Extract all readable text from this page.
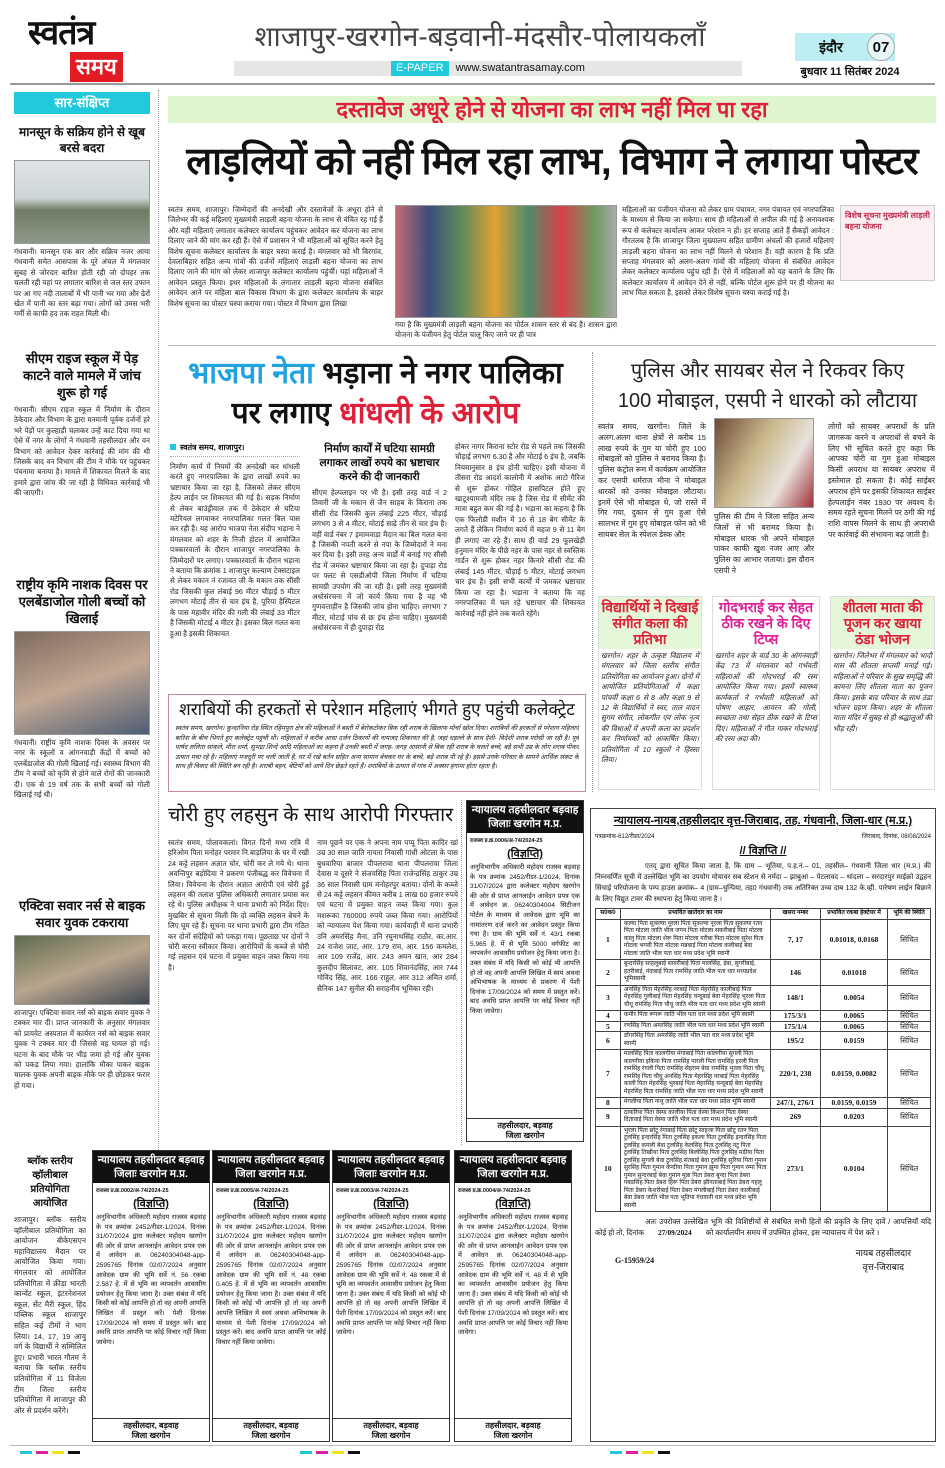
स्वतंत्र
समय
शाजापुर-खरगोन-बड़वानी-मंदसौर-पोलायकलाँ
E-PAPER www.swatantrasamay.com
इंदौर	07
बुधवार 11 सितंबर 2024
सार-संक्षिप्त
मानसून के सक्रिय होने से खूब बरसे बदरा
गंधवानी। मानसून एक बार और सक्रिय नजर आया गंधवानी समेत आसपास के पूरे अंचल में मंगलवार सुबह से जोरदार बारिश होती रही जो दोपहर तक चलती रही यहां पर लगातार बारिश से जल स्तर उफान पर आ गए नदी तालाबों में भी पानी भर गया और ढेरों खेत में पानी का स्तर बढ़ा गया। लोगों को उमस भरी गर्मी से काफी हद तक राहत मिली थी।
सीएम राइज स्कूल में पेड़ काटने वाले मामले में जांच शुरू हो गई
गंधवानी। सीएम राइज स्कूल में निर्माण के दौरान ठेकेदार और विभाग के द्वारा मनमानी पूर्वक दर्जनों हरे भरे पेड़ों पर कुल्हाड़ी चलाकर उन्हें काट दिया गया था ऐसे में नगर के लोगों ने गंधवानी तहसीलदार और वन विभाग को आवेदन देकर कार्रवाई की मांग की थी जिसके बाद वन विभाग की टीम ने मौके पर पहुंचकर पंचनामा बनाया है। मामले में शिकायत मिलने के बाद हमारे द्वारा जांच की जा रही है विधिवत कार्रवाई भी की जाएगी।
राष्ट्रीय कृमि नाशक दिवस पर एलबेंडाजोल गोली बच्चों को खिलाई
गंधवानी। राष्ट्रीय कृमि नाशक दिवस के अवसर पर नगर के स्कूलों व आंगनवाड़ी केंद्रों में बच्चों को एलबेंडाजोल की गोली खिलाई गई। स्वास्थ्य विभाग की टीम ने बच्चों को कृमि से होने वाले रोगों की जानकारी दी। एक से 19 वर्ष तक के सभी बच्चों को गोली खिलाई गई थी।
एक्टिवा सवार नर्स से बाइक सवार युवक टकराया
शाजापुर। एक्टिवा सवार नर्स को बाइक सवार युवक ने टक्कर मार दी। प्राप्त जानकारी के अनुसार मंगलवार को प्रायवेट अस्पताल में कार्यरत नर्स को बाइक सवार युवक ने टक्कर मार दी जिससे वह घायल हो गई। घटना के बाद मौके पर भीड़ जमा हो गई और युवक को पकड़ लिया गया। हालांकि मौका पाकर बाइक चालक युवक अपनी बाइक मौके पर ही छोड़कर फरार हो गया।
दस्तावेज अधूरे होने से योजना का लाभ नहीं मिल पा रहा
लाड़लियों को नहीं मिल रहा लाभ, विभाग ने लगाया पोस्टर
स्वतंत्र समय, शाजापुर। जिम्मेदारों की अनदेखी और दस्तावेजों के अधूरा होने से जिलेभर की कई महिलाएं मुख्यमंत्री लाड़ली बहना योजना के लाभ से वंचित रह गई हैं और यही महिलाएं लगातार कलेक्टर कार्यालय पहुंचकर आवेदन कर योजना का लाभ दिलाए जाने की मांग कर रही हैं। ऐसे में प्रशासन ने भी महिलाओं को सूचित करने हेतु विशेष सूचना कलेक्टर कार्यालय के बाहर चस्पा कराई है। मंगलवार को भी बिरगांव, देवलाबिहार सहित अन्य गांवों की दर्जनों महिलाएं लाड़ली बहना योजना का लाभ दिलाए जाने की मांग को लेकर शाजापुर कलेक्टर कार्यालय पहुंचीं। यहां महिलाओं ने आवेदन प्रस्तुत किया। इधर महिलाओं के लगातार लाड़ली बहना योजना संबंधित आवेदन आने पर महिला बाल विकास विभाग के द्वारा कलेक्टर कार्यालय के बाहर विशेष सूचना का पोस्टर चस्पा कराया गया। पोस्टर में विभाग द्वारा लिखा
गया है कि मुख्यमंत्री लाड़ली बहना योजना का पोर्टल शासन स्तर से बंद है। शासन द्वारा योजना के पंजीयन हेतु पोर्टल चालू किए जाने पर ही पात्र
महिलाओं का पंजीयन योजना को लेकर ग्राम पंचायत, नगर पंचायत एवं नगरपालिका के माध्यम से किया जा सकेगा। साथ ही महिलाओं से अपील की गई है अनावश्यक रूप से कलेक्टर कार्यालय आकर परेशान न हों। हर सप्ताह आते हैं सैकड़ों आवेदन : गौरतलब है कि शाजापुर जिला मुख्यालय सहित ग्रामीण अंचलों की हजारों महिलाएं लाड़ली बहना योजना का लाभ नहीं मिलने से परेशान हैं। यही कारण है कि प्रति सप्ताह मंगलवार को अलग-अलग गांवों की महिलाएं योजना से संबंधित आवेदन लेकर कलेक्टर कार्यालय पहुंच रही हैं। ऐसे में महिलाओं को यह बताने के लिए कि कलेक्टर कार्यालय में आवेदन देने से नहीं, बल्कि पोर्टल शुरू होने पर ही योजना का लाभ मिल सकता है, इसको लेकर विशेष सूचना चस्पा कराई गई है।
विशेष सूचना मुख्यमंत्री लाड़ली बहना योजना
भाजपा नेता भड़ाना ने नगर पालिका
पर लगाए धांधली के आरोप
स्वतंत्र समय, शाजापुर।
निर्माण कार्य में नियमों की अनदेखी कर धांधली करते हुए नगरपालिका के द्वारा लाखों रुपये का भ्रष्टाचार किया जा रहा है, जिसको लेकर सीएम हेल्प लाईन पर शिकायत की गई है। सड़क निर्माण से लेकर बाउंड्रीवाल तक में ठेकेदार से घटिया मटेरियल लगवाकर नगरपालिका गलत बिल पास कर रही है। यह आरोप भाजपा नेता संदीप भड़ाना ने मंगलवार को शहर के निजी होटल में आयोजित पत्रकारवार्ता के दौरान शाजापुर नगरपालिका के जिम्मेदारों पर लगाए। पत्रकारवार्ता के दौरान भड़ाना ने बताया कि क्रमांक 1 शाजापुर कल्याण टेक्सटाइल से लेकर मकान नं रजावत जी के मकान तक सीसी रोड जिसकी कुल लंबाई 96 मीटर चौड़ाई 5 मीटर लगभग मोटाई तीन से चार इंच है, पूरिया हैस्पिटल के पास महावीर मंदिर की गली की लंबाई 33 मीटर है जिसकी मोटाई 4 मीटर है। इसका बिल गलत बना हुआ है इसकी शिकायत
निर्माण कार्यों में घटिया सामग्री लगाकर लाखों रुपये का भ्रष्टाचार करने की दी जानकारी
सीएम हेल्पलाइन पर भी है। इसी तरह वार्ड नं 2 तिवारी जी के मकान से जैन साहब के किराना तक सीसी रोड जिसकी कुल लंबाई 225 मीटर, चौड़ाई लगभग 3 से 4 मीटर, मोटाई साढ़े तीन से चार इंच है। वहीं वार्ड नंबर 7 इमामवाड़ा मैदान का बिल गलत बना है जिसकी नपती करने से नपा के जिम्मेदारों ने मना कर दिया है। इसी तरह अन्य वार्डों में बनाई गए सीसी रोड में जमकर भ्रष्टाचार किया जा रहा है। दुपाड़ा रोड पर फ्लट से एसडीओपी जिला निर्माण में घटिया सामग्री उपयोग की जा रही है। इसी तरह मुख्यमंत्री अधोसंरचना में जो कार्य किया गया है वह भी गुणवत्ताहीन है जिसकी जांच होना चाहिए। लगभग 7 मीटर, मोटाई पांच से छः इंच होना चाहिए। मुख्यमंत्री अधोसंरचना में ही दुपाड़ा रोड
होकर नागर किराना स्टोर रोड से पहले तक जिसकी चौड़ाई लगभग 6.30 है और मोटाई 6 इंच है, जबकि नियमानुसार 8 इंच होनी चाहिए। इसी योजना में तीसरा रोड आदर्श कालोनी में अशोक आटो गैरिज से शुरू होकर गोहिल हासपिटल होते हुए खाटूश्यामजी मंदिर तक है जिस रोड में सीमेंट की मात्रा बहुत कम की गई है। भड़ाना का कहना है कि एक फिलोडी मशीन में 16 से 18 बेग सीमेंट के लगते हैं लेकिन निर्माण कार्य में महज 9 से 11 बेग ही लगाए जा रहे हैं। साथ ही वार्ड 29 फूलखेड़ी हनुमान मंदिर के पीछे नहर के पास नहर से स्वस्तिक गार्डन से शुरू होकर नहर किनारे सीसी रोड की लंबाई 145 मीटर, चौड़ाई 5 मीटर, मोटाई लगभग चार इंच है। इसी सभी कार्यों में जमकर भ्रष्टाचार किया जा रहा है। भड़ाना ने बताया कि वह नगरपालिका में चल रहे भ्रष्टाचार की शिकायत कार्रवाई नहीं होने तक करते रहेंगे।
पुलिस और सायबर सेल ने रिकवर किए
100 मोबाइल, एसपी ने धारको को लौटाया
स्वतंत्र समय, खरगोन। जिले के अलग.अलग थाना क्षेत्रों से करीब 15 लाख रुपये के गुम या चोरी हुए 100 मोबाइलों को पुलिस ने बरामद किया है। पुलिस कंट्रोल रूम में कार्यक्रम आयोजित कर एसपी धर्मराज मीना ने मोबाइल धारकों को उनका मोबाइल लौटाया। इनमें ऐसे भी मोबाइल थे, जो रास्ते में गिर गया, दुकान से गुम हुआ ऐसे सालभर में गुम हुए मोबाइल फोन को भी सायबर सेल के स्पेशल डेस्क और
पुलिस की टीम ने जिला सहित अन्य जिलों से भी बरामद किया है। मोबाइल धारक भी अपने मोबाइल पाकर काफी खुश नजर आए और पुलिस का आभार जताया। इस दौरान एसपी ने
लोगों को सायबर अपराधों के प्रति जागरूक करने व अपराधों से बचने के लिए भी सूचित करते हुए कहा कि आपका चोरी या गुम हुआ मोबाइल किसी अपराध या सायबर अपराध में इस्तेमाल हो सकता है। कोई साईबर अपराध होने पर इसकी शिकायत साईबर हेल्पलाईन नंबर 1930 पर अवश्य दें। समय रहते सूचना मिलने पर ठगी की गई राशि वापस मिलने के साथ ही अपराधी पर कार्रवाई की संभावना बढ़ जाती है।
विद्यार्थियों ने दिखाई संगीत कला की प्रतिभा
खरगोन। शहर के उत्कृष्ट विद्यालय में मंगलवार को जिला स्तरीय संगीत प्रतियोगिता का आयोजन हुआ। दोनों में आयोजित प्रतियोगिताओं में कक्षा पांचवीं कक्षा 6 से 8 और कक्षा 9 से 12 के विद्यार्थियों ने स्वर, ताल वादन सुगम संगीत, लोकगीत एवं लोक नृत्य की विधाओं में अपनी कला का प्रदर्शन कर निर्णायकों को आकर्षित किया। प्रतियोगिता में 10 स्कूलों ने हिस्सा लिया।
गोदभराई कर सेहत ठीक रखने के दिए टिप्स
खरगोन शहर के वार्ड 30 के आंगनवाड़ी केंद्र 73 में मंगलवार को गर्भवती महिलाओं की गोदभराई की रस्म आयोजित किया गया। इसमें स्वास्थ्य कार्यकर्ता ने गर्भवती महिलाओं को पोषण आहार, आयरन की गोली, स्वच्छता तथा सेहत ठीक रखने के टिप्स दिए। महिलाओं ने गीत गाकर गोदभराई की रस्म अदा की।
शीतला माता की पूजन कर खाया ठंडा भोजन
खरगोन। जिलेभर में मंगलवार को भादौ मास की शीतला सप्तमी मनाई गई। महिलाओं ने परिवार के सुख समृद्धि की कामना लिए शीतला माता का पूजन किया। इसके बाद परिवार के साथ ठंडा भोजन ग्रहण किया। शहर के शीतला माता मंदिर में सुबह से ही श्रद्धालुओं की भीड़ रही।
शराबियों की हरकतों से परेशान महिलाएं भीगते हुए पहुंची कलेक्ट्रेट
स्वतंत्र समय, खरगोन। कुन्दानिया रोड़ स्थित रहिमपुरा क्षेत्र की महिलाओं ने बस्ती में बेरोकटोकर बिक रही शराब के खिलाफ मोर्चा खोल दिया। शराबियों की हरकतों से परेशान महिलाएं बारिश के बीच भिगते हुए कलेक्ट्रेट पहुंची थी। महिलाओं ने करीब आधा दर्जन ठिकानों की नामजद शिकायत की है, जहां धड़ल्ले के साथ देशी- विदेशी शराब परोसी जा रही है। पूर्व पार्षद ललिता सांकले, मीरा शर्मा, सुभद्रा शिन्दे आदि महिलाओं का कहना है उनकी बस्ती में जगह- जगह आसानी से बिक रही शराब के चलते बच्चे, बड़े सभी उम्र के लोग शराब पीकर उत्पात मचा रहे है। महिलाएं मजदूरी पर चली जाती है, घर में रखे बर्तन सहित अन्य सामान बेचकर घर के बच्चे, बड़े शराब पी रहे है। इससे उनके परिवार के सामने आर्थिक संकट के साथ ही विवाद की स्थिति बन रही है। शराबी बहन, बेटियों को आये दिन छेड़ते रहते हैं। शराबियों के उत्पात से गांव में अक्सर हंगामा होता रहता है।
चोरी हुए लहसुन के साथ आरोपी गिरफ्तार
स्वतंत्र समय, पोलायकलां। विगत दिनों मध्य रात्रि में हरिओम पिता मनोहर परमार नि.बाड़लिया के घर में रखी 24 कट्टे लहसन अज्ञात चोर, चोरी कर ले गये थे। थाना अवन्तिपुर बड़ोदिया ने प्रकरण पंजीबद्ध कर विवेचना में लिया। विवेचना के दौरान अज्ञात आरोपी एवं चोरी हुई लहसन की तलाश पुलिस अधिकारी लगातार प्रयास कर रहे थे। पुलिस अधीक्षक ने थाना प्रभारी को निर्देश दिए। मुखबिर से सूचना मिली कि दो व्यक्ति लहसन बेचने के लिए घूम रहे हैं। सूचना पर थाना प्रभारी द्वारा टीम गठित कर दोनों संदेहियों को पकड़ा गया। पूछताछ पर दोनों ने चोरी करना स्वीकार किया। आरोपियों के कब्जे से चोरी गई लहसन एवं घटना में प्रयुक्त वाहन जब्त किया गया है।
नाम पूछने पर एक ने अपना नाम पप्पू पिता कादिर खां उम्र 30 साल जाति नायता निवासी गांधी ओटला के पास बुधवारिया बाजार पीपलरावा थाना पीपलरावा जिला देवास व दूसरे ने संजयसिंह पिता राजेन्द्रसिंह ठाकुर उम्र 36 साल निवासी ग्राम मनोहरपुर बताया। दोनों के कब्जे से 24 कट्टे लहसन कीमत करीब 1 लाख 60 हजार रुपये एवं घटना में प्रयुक्त वाहन जब्त किया गया। कुल मशरूका 760000 रुपये जब्त किया गया। आरोपियों को न्यायालय पेश किया गया। कार्यवाही में थाना प्रभारी उनि अमरसिंह मैना, उनि रघुनाथसिंह राठौर, का.आर. 24 राजेश जाट, आर. 179 राम, आर. 156 कमलेश, आर 109 राजेंद्र, आर. 243 अमन खान, आर 284 कुलदीप सिलावट, आर. 105 शिवानंदसिंह, आर 744 गोविंद सिंह, आर. 166 राहुल, आर 312 अमित शर्मा, सैनिक 147 सुनील की सराहनीय भूमिका रही।
न्यायालय तहसीलदार बड़वाह
जिलाः खरगोन म.प्र.
राजस्व प्र.क्र.0006/अ-74/2024-25
(विज्ञप्ति)
अनुविभागीय अधिकारी महोदय राजस्व बड़वाह के पत्र क्रमांक 2452/रीडर-1/2024, दिनांक 31/07/2024 द्वारा कलेक्टर महोदय खरगोन की ओर से प्राप्त आनलाईन आवेदन प्रपत्र एक में आवेदन क्र. 06240304004 सिटीजन पोर्टल के माध्यम से आवेदक द्वारा भूमि का नामांतरण दर्ज करने का आवेदन प्रस्तुत किया गया है। ग्राम की भूमि सर्वे नं. 43/1 रकबा 5.965 हे. में से भूमि 5000 वर्गफीट का व्यपवर्तन आवासीय प्रयोजन हेतु किया जाना है। उक्त संबंध में यदि किसी को कोई भी आपत्ति हो तो वह अपनी आपत्ति लिखित में स्वयं अथवा अभिभाषक के माध्यम से प्रकरण में पेशी दिनांक 17/09/2024 को समय में प्रस्तुत करें। बाद अवधि प्राप्त आपत्ति पर कोई विचार नहीं किया जावेगा।
तहसीलदार, बड़वाह
जिला खरगोन
न्यायालय तहसीलदार बड़वाह
जिलाः खरगोन म.प्र.
राजस्व प्र.क्र.0002/अ-74/2024-25
(विज्ञप्ति)
अनुविभागीय अधिकारी महोदय राजस्व बड़वाह के पत्र क्रमांक 2452/रीडर-1/2024, दिनांक 31/07/2024 द्वारा कलेक्टर महोदय खरगोन की ओर से प्राप्त आनलाईन आवेदन प्रपत्र एक में आवेदन क्र. 06240304048-app-2595765 दिनांक 02/07/2024 अनुसार आवेदक ग्राम की भूमि सर्वे नं. 56 रकबा 2.587 हे. में से भूमि का व्यपवर्तन आवासीय प्रयोजन हेतु किया जाना है। उक्त संबंध में यदि किसी को कोई आपत्ति हो तो वह अपनी आपत्ति लिखित में प्रस्तुत करें। पेशी दिनांक 17/09/2024 को समय में प्रस्तुत करें। बाद अवधि प्राप्त आपत्ति पर कोई विचार नहीं किया जावेगा।
तहसीलदार, बड़वाह
जिला खरगोन
न्यायालय तहसीलदार बड़वाह
जिला खरगोन म.प्र.
राजस्व प्र.क्र.0005/अ-74/2024-25
(विज्ञप्ति)
अनुविभागीय अधिकारी महोदय राजस्व बड़वाह के पत्र क्रमांक 2452/रीडर-1/2024, दिनांक 31/07/2024 द्वारा कलेक्टर महोदय खरगोन की ओर से प्राप्त आनलाईन आवेदन प्रपत्र एक में आवेदन क्र. 06240304048-app-2595765 दिनांक 02/07/2024 अनुसार आवेदक ग्राम की भूमि सर्वे नं. 48 रकबा 0.405 हे. में से भूमि का व्यपवर्तन आवासीय प्रयोजन हेतु किया जाना है। उक्त संबंध में यदि किसी को कोई भी आपत्ति हो तो वह अपनी आपत्ति लिखित में स्वयं अथवा अभिभाषक के माध्यम से पेशी दिनांक 17/09/2024 को प्रस्तुत करें। बाद अवधि प्राप्त आपत्ति पर कोई विचार नहीं किया जावेगा।
तहसीलदार, बड़वाह
जिला खरगोन
न्यायालय तहसीलदार बड़वाह
जिलाः खरगोन म.प्र.
राजस्व प्र.क्र.0003/अ-74/2024-25
(विज्ञप्ति)
अनुविभागीय अधिकारी महोदय राजस्व बड़वाह के पत्र क्रमांक 2452/रीडर-1/2024, दिनांक 31/07/2024 द्वारा कलेक्टर महोदय खरगोन की ओर से प्राप्त आनलाईन आवेदन प्रपत्र एक में आवेदन क्र. 06240304048-app-2595765 दिनांक 02/07/2024 अनुसार आवेदक ग्राम की भूमि सर्वे नं. 48 रकबा में से भूमि का व्यपवर्तन आवासीय प्रयोजन हेतु किया जाना है। उक्त संबंध में यदि किसी को कोई भी आपत्ति हो तो वह अपनी आपत्ति लिखित में पेशी दिनांक 17/09/2024 को प्रस्तुत करें। बाद अवधि प्राप्त आपत्ति पर कोई विचार नहीं किया जावेगा।
तहसीलदार, बड़वाह
जिला खरगोन
न्यायालय तहसीलदार बड़वाह
जिला खरगोन म.प्र.
राजस्व प्र.क्र.0004/अ-74/2024-25
(विज्ञप्ति)
अनुविभागीय अधिकारी महोदय राजस्व बड़वाह के पत्र क्रमांक 2452/रीडर-1/2024, दिनांक 31/07/2024 द्वारा कलेक्टर महोदय खरगोन की ओर से प्राप्त आनलाईन आवेदन प्रपत्र एक में आवेदन क्र. 06240304048-app-2595765 दिनांक 02/07/2024 अनुसार आवेदक ग्राम की भूमि सर्वे नं. 48 में से भूमि का व्यपवर्तन आवासीय प्रयोजन हेतु किया जाना है। उक्त संबंध में यदि किसी को कोई भी आपत्ति हो तो वह अपनी आपत्ति लिखित में पेशी दिनांक 17/09/2024 को प्रस्तुत करें। बाद अवधि प्राप्त आपत्ति पर कोई विचार नहीं किया जावेगा।
तहसीलदार, बड़वाह
जिला खरगोन
ब्लॉक स्तरीय व्हॉलीबाल प्रतियोगिता आयोजित
शाजापुर। ब्लॉक स्तरीय व्हॉलीबाल प्रतियोगिता का आयोजन बीकेएसएन महाविद्यालय मैदान पर आयोजित किया गया। मंगलवार को आयोजित प्रतियोगिता में क्रीड़ा भारती कान्वेंट स्कूल, इंटरनेशनल स्कूल, सेंट मैरी स्कूल, हिंद पब्लिक स्कूल शाजापुर सहित कई टीमों ने भाग लिया। 14, 17, 19 आयु वर्ग के विद्यार्थी ने सम्मिलित हुए। प्रभारी भारत गौतम ने बताया कि ब्लॉक स्तरीय प्रतियोगिता में 11 विजेता टीम जिला स्तरीय प्रतियोगिता में शाजापुर की ओर से प्रदर्शन करेंगे।
न्यायालय-नायब,तहसीलदार वृत्त-जिराबाद, तह. गंधवानी, जिला-धार (म.प्र.)
पत्रक्रमांक-612/रीडर/2024	जिराबाद, दिनांक, 08/08/2024
// विज्ञप्ति //
एतद् द्वारा सूचित किया जाता है, कि ग्राम – भूतिया, प.ह.नं.– 01, तहसील– गंधवानी जिला धार (म.प्र.) की निम्नवर्णित सूची में उल्लेखित भूमि का उपयोग मोयावर सब स्टेशन से नर्मदा – झाबुआ – पेटलावद – थांदला – सरदारपुर माईक्रो उद्वहन सिंचाई परियोजना के पम्प हाउस क्रमांक– 4 (ग्राम–चुन्पिया, तह0 गंधवानी) तक अतिरिक्त उच्च दाब 132 के.व्ही. पारेषण लाईन बिछाने के लिए विद्युत टावर की स्थापना हेतु किया जाना है ।
स0क0	प्रभावित खातेदार का नाम	खसरा नम्बर	प्रभावित रकबा हेक्टेयर में	भूमि की स्थिति
1	कल्या पिता सुकल्या नूरला पिता सुकल्या नूरला पिता सुकल्या रतन पिता मोटला जाति भील जगन पिता मोटला सकरीबाई पिता मोटला कालु पिता मोटला शेरू पिता मोटला गरीबा पिता मोटला सुरेश पिता मोटला भगवी पिता मोटला मन्नबाई पिता मोटला कलीबाई बेवा मोटला जाति भील पता धार मध्य प्रदेश भूमि स्वामी	7, 17	0.01018, 0.0168	सिंचित
2	बुन्दरसिंह साहलूबाई सायरीबाई पिता मालसिंह, इंबा, सुगरीबाई, हतरीबाई, नंदाबाई पिता रामसिंह जाति भील पता धार मध्यप्रदेश भूमिस्वामी	146	0.01018	सिंचित
3	अनसिंह पिता मेहरसिंह नरबाई पिता मेहरसिंह कालीबाई पिता मेहरसिंह गुलीबाई पिता मेहरसिंह चन्दूबाई बेवा मेहरसिंह भुरला पिता चौधू रामसिंह पिता चौधू जाति भील पता धार मध्य प्रदेश भूमि स्वामी	148/1	0.0054	सिंचित
4	कमीर पिता रूपरू जाति भील पता धार मध्य प्रदेश भूमि स्वामी	175/3/1	0.0065	सिंचित
5	रणसिंह पिता अमरसिंह जाति भील पता धार मध्य प्रदेश भूमि स्वामी	175/1/4	0.0065	सिंचित
6	डोंगरसिंह पिता अमरसिंह जाति भील पता धार मध्य प्रदेश भूमि स्वामी	195/2	0.0159	सिंचित
7	मालसिंह पिता कालगीया मंगाबाई पिता कालगीया सुगली पिता कालगीया इकिया पिता रामसिंह पारली पिता रामसिंह हरली पिता रामसिंह रंगली पिता रामसिंह सेहराम बेवा रामसिंह भुरला पिता चौधू रामसिंह पिता चौधू अनसिंह पिता मेहरसिंह नरबाई पिता मेहरसिंह काली पिता मेहरसिंह भुरबाई पिता मेहरसिंह चन्दूबाई बेवा मेहरसिंह मेहरसिंह पिता रामसिंह जाति भील पता धार मध्य प्रदेश भूमि स्वामी	220/1, 238	0.0159, 0.0082	सिंचित
8	मंगलीया पिता नाथू जाति भील पता धार मध्य प्रदेश भूमि स्वामी	247/1, 276/1	0.0159, 0.0159	सिंचित
9	ठाकरिया पिता वेस्या कालीया पिता वेस्या किशन पिता वेस्या दितावाई पिता वेस्या जाति भील पता धार मध्य प्रदेश भूमि स्वामी	269	0.0203	सिंचित
10	भुरला पिता छोटू रंगाबाई पिता छोटू साहजा पिता छोटू रतन पिता टुलसिंह इन्दरसिंह पिता टुलसिंह इकला पिता टुलसिंह इन्दरसिंह पिता टुलसिंह कमली बेवा टुलसिंह केलसिंह पिता टुलसिंह नटु पिता टुलसिंह तिखीया पिता टुलसिंह बिलोसिंह पिता टुलसिंह मड़ीया पिता टुलसिंह सुगली बेवा टुलसिंह संतबाई बेवा टुलसिंह सुरिया पिता गुमान सुरसिंह पिता गुमान केन्दीया पिता गुमान झुमा पिता गुमान रम्मा पिता गुमान सुन्दरबाई बेवा गुमान मुन्ना पिता डेबरा बुन्दा पिता डेबरा गबडसिंह पिता डेबरा हिरू पिता डेबरा झीनताबाई पिता डेबरा गहलू पिता डेबरा केशरीबाई पिता डेबरा मंगलीबाई पिता डेबरा कालीबाई बेवा डेबरा जाति भील पता भूतिया गंधवानी धार मध्य प्रदेश भूमि स्वामी	273/1	0.0104	सिंचित
अतः उपरोक्त उल्लेखित भूमि की विशिष्टीयों से संबंधित सभी हितों की प्रकृति के लिए दावें / आपत्तियाँ यदि कोई हो तो, दिनांक 27/09/2024 को कार्यालयीन समय में उपस्थित होकर, इस न्यायालय में पेश करें ।
G-15959/24
नायब तहसीलदार
वृत्त-जिराबाद
